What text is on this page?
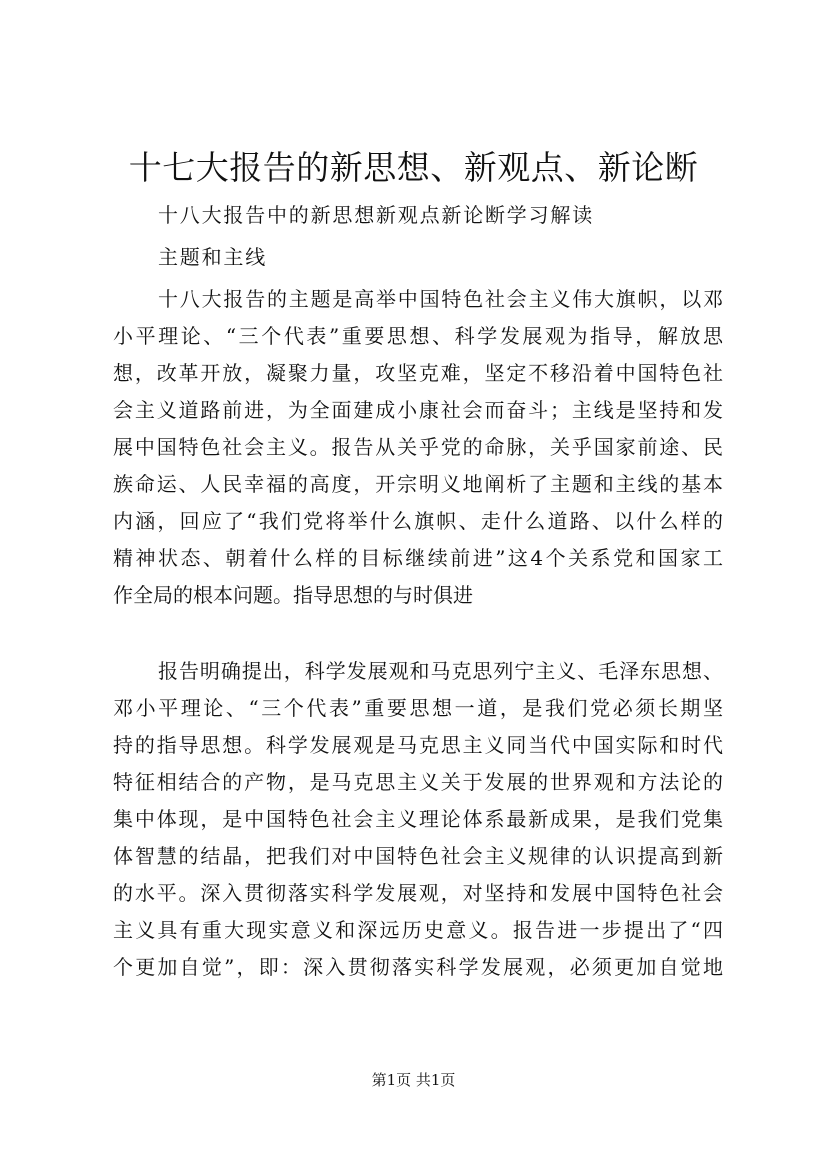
十七大报告的新思想、新观点、新论断
十八大报告中的新思想新观点新论断学习解读
主题和主线
十八大报告的主题是高举中国特色社会主义伟大旗帜，以邓
小平理论、“三个代表”重要思想、科学发展观为指导，解放思
想，改革开放，凝聚力量，攻坚克难，坚定不移沿着中国特色社
会主义道路前进，为全面建成小康社会而奋斗；主线是坚持和发
展中国特色社会主义。报告从关乎党的命脉，关乎国家前途、民
族命运、人民幸福的高度，开宗明义地阐析了主题和主线的基本
内涵，回应了“我们党将举什么旗帜、走什么道路、以什么样的
精神状态、朝着什么样的目标继续前进”这4个关系党和国家工
作全局的根本问题。指导思想的与时俱进
报告明确提出，科学发展观和马克思列宁主义、毛泽东思想、
邓小平理论、“三个代表”重要思想一道，是我们党必须长期坚
持的指导思想。科学发展观是马克思主义同当代中国实际和时代
特征相结合的产物，是马克思主义关于发展的世界观和方法论的
集中体现，是中国特色社会主义理论体系最新成果，是我们党集
体智慧的结晶，把我们对中国特色社会主义规律的认识提高到新
的水平。深入贯彻落实科学发展观，对坚持和发展中国特色社会
主义具有重大现实意义和深远历史意义。报告进一步提出了“四
个更加自觉”，即：深入贯彻落实科学发展观，必须更加自觉地
第1页 共1页
